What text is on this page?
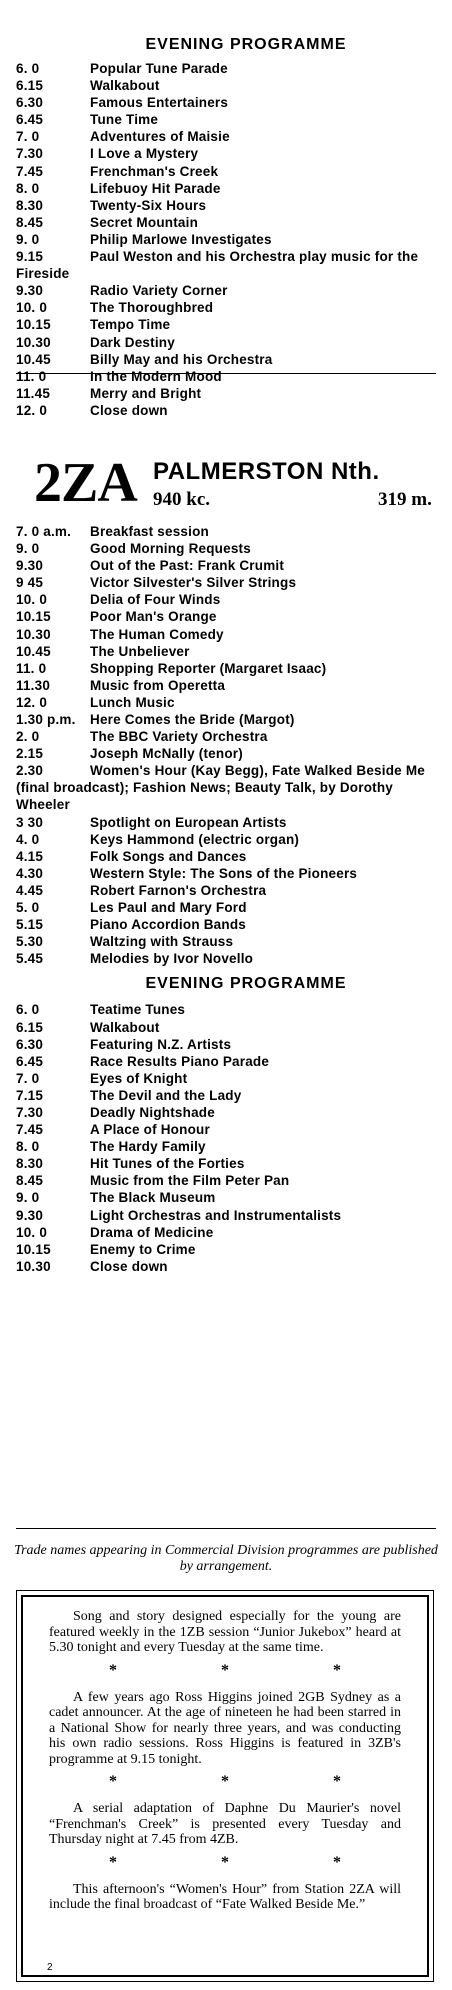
EVENING PROGRAMME
6. 0	Popular Tune Parade
6.15	Walkabout
6.30	Famous Entertainers
6.45	Tune Time
7. 0	Adventures of Maisie
7.30	I Love a Mystery
7.45	Frenchman's Creek
8. 0	Lifebuoy Hit Parade
8.30	Twenty-Six Hours
8.45	Secret Mountain
9. 0	Philip Marlowe Investigates
9.15	Paul Weston and his Orchestra play music for the Fireside
9.30	Radio Variety Corner
10. 0	The Thoroughbred
10.15	Tempo Time
10.30	Dark Destiny
10.45	Billy May and his Orchestra
11. 0	In the Modern Mood
11.45	Merry and Bright
12. 0	Close down
2ZA PALMERSTON Nth.
940 kc.	319 m.
7. 0 a.m.	Breakfast session
9. 0	Good Morning Requests
9.30	Out of the Past: Frank Crumit
9 45	Victor Silvester's Silver Strings
10. 0	Delia of Four Winds
10.15	Poor Man's Orange
10.30	The Human Comedy
10.45	The Unbeliever
11. 0	Shopping Reporter (Margaret Isaac)
11.30	Music from Operetta
12. 0	Lunch Music
1.30 p.m.	Here Comes the Bride (Margot)
2. 0	The BBC Variety Orchestra
2.15	Joseph McNally (tenor)
2.30	Women's Hour (Kay Begg), Fate Walked Beside Me (final broadcast); Fashion News; Beauty Talk, by Dorothy Wheeler
3 30	Spotlight on European Artists
4. 0	Keys Hammond (electric organ)
4.15	Folk Songs and Dances
4.30	Western Style: The Sons of the Pioneers
4.45	Robert Farnon's Orchestra
5. 0	Les Paul and Mary Ford
5.15	Piano Accordion Bands
5.30	Waltzing with Strauss
5.45	Melodies by Ivor Novello
EVENING PROGRAMME
6. 0	Teatime Tunes
6.15	Walkabout
6.30	Featuring N.Z. Artists
6.45	Race Results Piano Parade
7. 0	Eyes of Knight
7.15	The Devil and the Lady
7.30	Deadly Nightshade
7.45	A Place of Honour
8. 0	The Hardy Family
8.30	Hit Tunes of the Forties
8.45	Music from the Film Peter Pan
9. 0	The Black Museum
9.30	Light Orchestras and Instrumentalists
10. 0	Drama of Medicine
10.15	Enemy to Crime
10.30	Close down
Trade names appearing in Commercial Division programmes are published by arrangement.

Song and story designed especially for the young are featured weekly in the 1ZB session “Junior Jukebox” heard at 5.30 tonight and every Tuesday at the same time.

* * *

A few years ago Ross Higgins joined 2GB Sydney as a cadet announcer. At the age of nineteen he had been starred in a National Show for nearly three years, and was conducting his own radio sessions. Ross Higgins is featured in 3ZB's programme at 9.15 tonight.

* * *

A serial adaptation of Daphne Du Maurier's novel “Frenchman's Creek” is presented every Tuesday and Thursday night at 7.45 from 4ZB.

* * *

This afternoon's “Women's Hour” from Station 2ZA will include the final broadcast of “Fate Walked Beside Me.”

2
